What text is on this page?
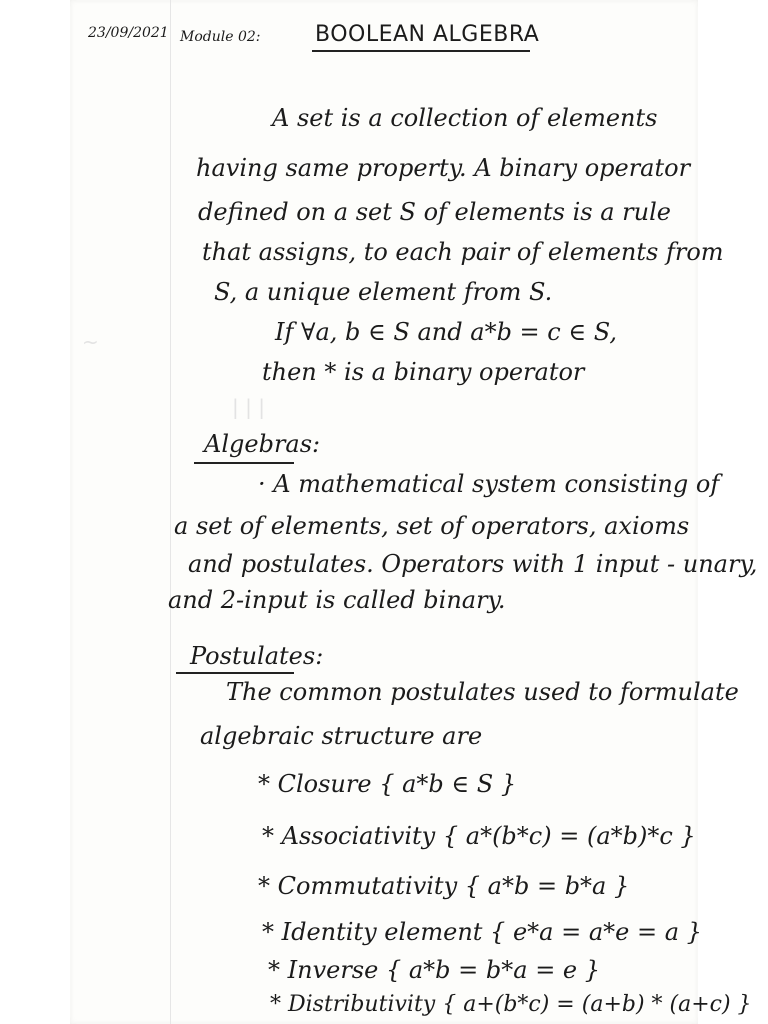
~
| | |
23/09/2021 Module 02: BOOLEAN ALGEBRA
A set is a collection of elements
having same property. A binary operator
defined on a set S of elements is a rule
that assigns, to each pair of elements from
S, a unique element from S.
If ∀a, b ∈ S and a*b = c ∈ S,
then * is a binary operator
Algebras:
· A mathematical system consisting of
a set of elements, set of operators, axioms
and postulates. Operators with 1 input - unary,
and 2-input is called binary.
Postulates:
The common postulates used to formulate
algebraic structure are
* Closure { a*b ∈ S }
* Associativity { a*(b*c) = (a*b)*c }
* Commutativity { a*b = b*a }
* Identity element { e*a = a*e = a }
* Inverse { a*b = b*a = e }
* Distributivity { a+(b*c) = (a+b) * (a+c) }
